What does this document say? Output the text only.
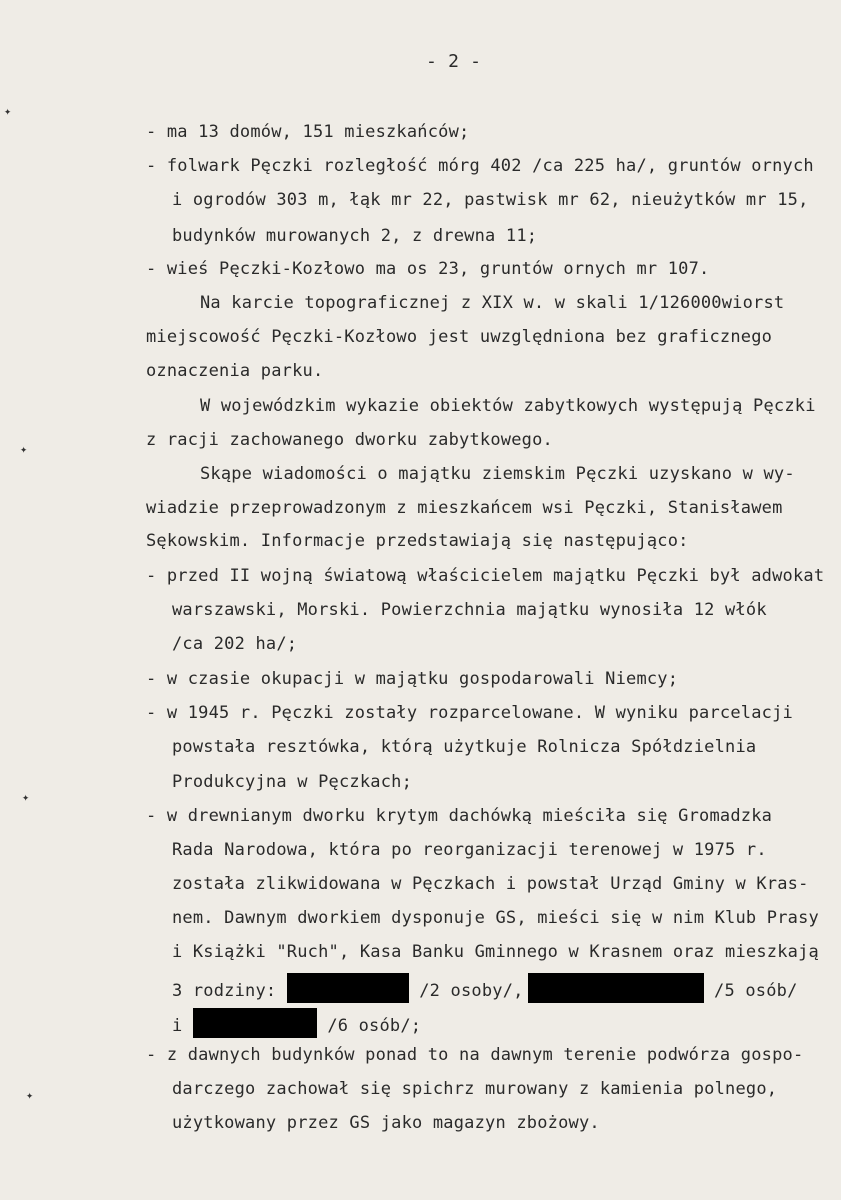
✦
✦
✦
✦
- 2 -
- ma 13 domów, 151 mieszkańców;
- folwark Pęczki rozległość mórg 402 /ca 225 ha/, gruntów ornych
i ogrodów 303 m, łąk mr 22, pastwisk mr 62, nieużytków mr 15,
budynków murowanych 2, z drewna 11;
- wieś Pęczki-Kozłowo ma os 23, gruntów ornych mr 107.
Na karcie topograficznej z XIX w. w skali 1/126000wiorst
miejscowość Pęczki-Kozłowo jest uwzględniona bez graficznego
oznaczenia parku.
W wojewódzkim wykazie obiektów zabytkowych występują Pęczki
z racji zachowanego dworku zabytkowego.
Skąpe wiadomości o majątku ziemskim Pęczki uzyskano w wy-
wiadzie przeprowadzonym z mieszkańcem wsi Pęczki, Stanisławem
Sękowskim. Informacje przedstawiają się następująco:
- przed II wojną światową właścicielem majątku Pęczki był adwokat
warszawski, Morski. Powierzchnia majątku wynosiła 12 włók
/ca 202 ha/;
- w czasie okupacji w majątku gospodarowali Niemcy;
- w 1945 r. Pęczki zostały rozparcelowane. W wyniku parcelacji
powstała resztówka, którą użytkuje Rolnicza Spółdzielnia
Produkcyjna w Pęczkach;
- w drewnianym dworku krytym dachówką mieściła się Gromadzka
Rada Narodowa, która po reorganizacji terenowej w 1975 r.
została zlikwidowana w Pęczkach i powstał Urząd Gminy w Kras-
nem. Dawnym dworkiem dysponuje GS, mieści się w nim Klub Prasy
i Książki "Ruch", Kasa Banku Gminnego w Krasnem oraz mieszkają
3 rodziny:	/2 osoby/,	/5 osób/
i	/6 osób/;
- z dawnych budynków ponad to na dawnym terenie podwórza gospo-
darczego zachował się spichrz murowany z kamienia polnego,
użytkowany przez GS jako magazyn zbożowy.
